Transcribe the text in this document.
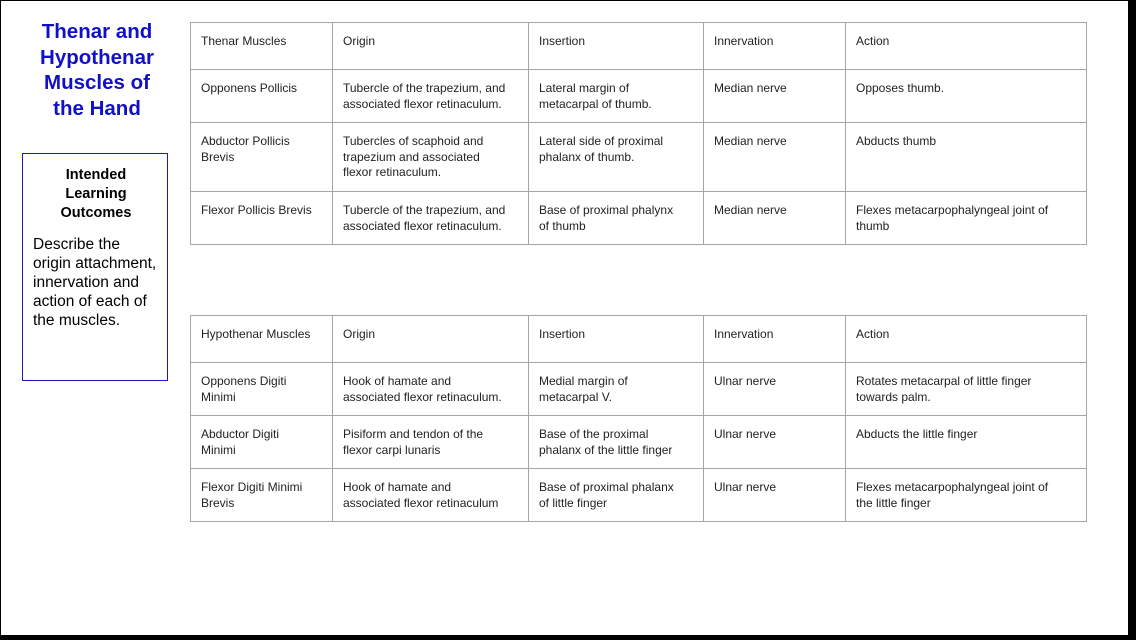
Thenar and
Hypothenar
Muscles of
the Hand
Intended
Learning
Outcomes
Describe the
origin attachment,
innervation and
action of each of
the muscles.
Thenar Muscles	Origin	Insertion	Innervation	Action

Opponens Pollicis	Tubercle of the trapezium, and
associated flexor retinaculum.	Lateral margin of
metacarpal of thumb.	Median nerve	Opposes thumb.

Abductor Pollicis
Brevis	Tubercles of scaphoid and
trapezium and associated
flexor retinaculum.	Lateral side of proximal
phalanx of thumb.	Median nerve	Abducts thumb

Flexor Pollicis Brevis	Tubercle of the trapezium, and
associated flexor retinaculum.	Base of proximal phalynx
of thumb	Median nerve	Flexes metacarpophalyngeal joint of
thumb
Hypothenar Muscles	Origin	Insertion	Innervation	Action

Opponens Digiti
Minimi	Hook of hamate and
associated flexor retinaculum.	Medial margin of
metacarpal V.	Ulnar nerve	Rotates metacarpal of little finger
towards palm.

Abductor Digiti
Minimi	Pisiform and tendon of the
flexor carpi lunaris	Base of the proximal
phalanx of the little finger	Ulnar nerve	Abducts the little finger

Flexor Digiti Minimi
Brevis	Hook of hamate and
associated flexor retinaculum	Base of proximal phalanx
of little finger	Ulnar nerve	Flexes metacarpophalyngeal joint of
the little finger
